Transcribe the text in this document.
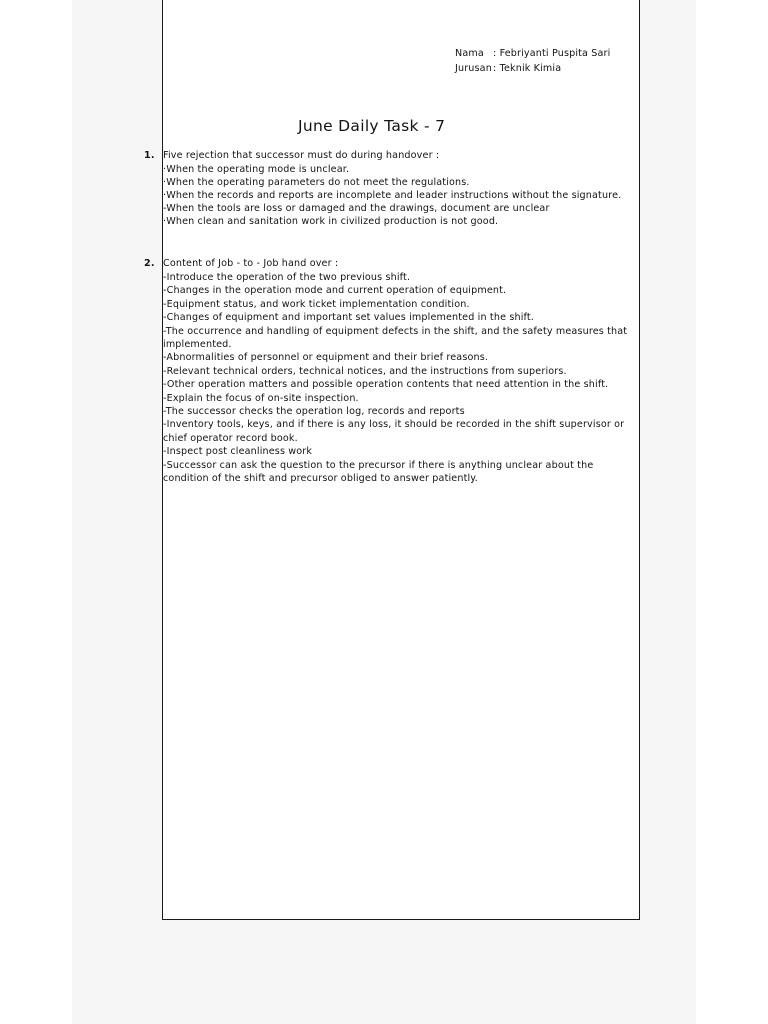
Nama : Febriyanti Puspita Sari
Jurusan : Teknik Kimia
June Daily Task - 7
1. Five rejection that successor must do during handover :
·When the operating mode is unclear.
·When the operating parameters do not meet the regulations.
·When the records and reports are incomplete and leader instructions without the signature.
-When the tools are loss or damaged and the drawings, document are unclear
·When clean and sanitation work in civilized production is not good.
2. Content of Job - to - Job hand over :
-Introduce the operation of the two previous shift.
-Changes in the operation mode and current operation of equipment.
-Equipment status, and work ticket implementation condition.
-Changes of equipment and important set values implemented in the shift.
-The occurrence and handling of equipment defects in the shift, and the safety measures that implemented.
-Abnormalities of personnel or equipment and their brief reasons.
-Relevant technical orders, technical notices, and the instructions from superiors.
-Other operation matters and possible operation contents that need attention in the shift.
-Explain the focus of on-site inspection.
-The successor checks the operation log, records and reports
-Inventory tools, keys, and if there is any loss, it should be recorded in the shift supervisor or chief operator record book.
-Inspect post cleanliness work
-Successor can ask the question to the precursor if there is anything unclear about the condition of the shift and precursor obliged to answer patiently.
